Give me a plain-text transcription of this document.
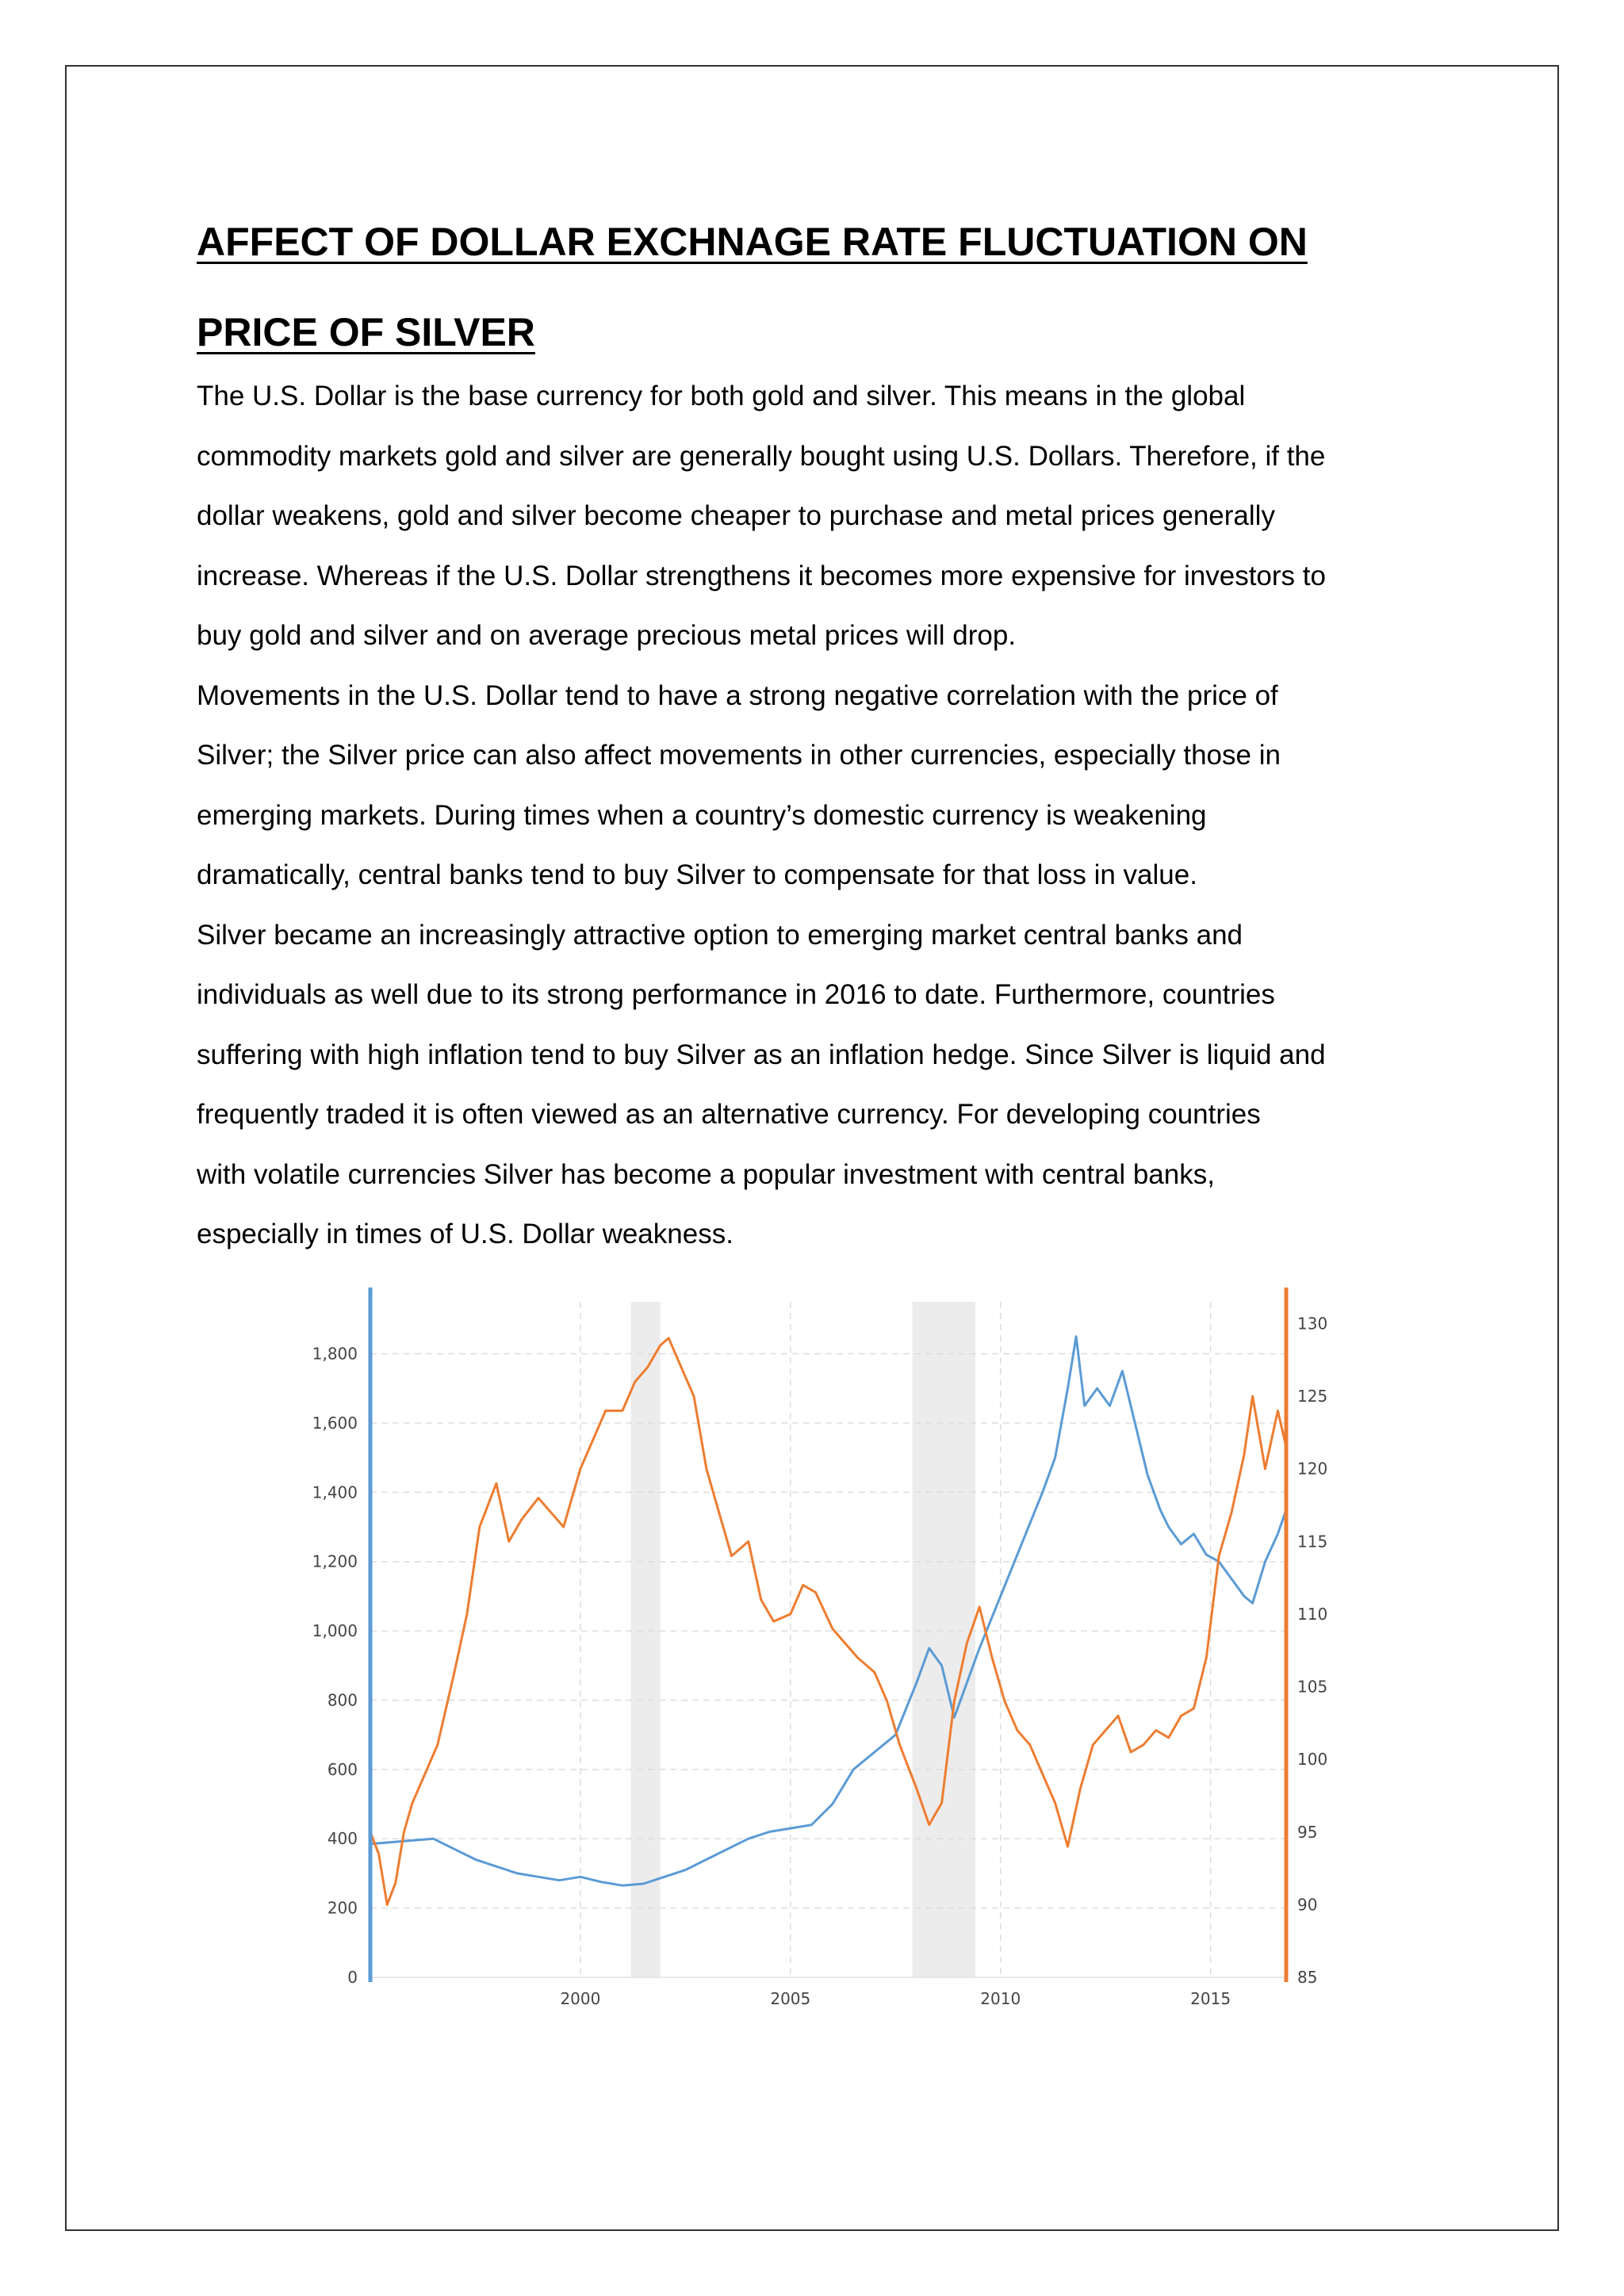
AFFECT OF DOLLAR EXCHNAGE RATE FLUCTUATION ON
PRICE OF SILVER
The U.S. Dollar is the base currency for both gold and silver. This means in the global
commodity markets gold and silver are generally bought using U.S. Dollars. Therefore, if the
dollar weakens, gold and silver become cheaper to purchase and metal prices generally
increase. Whereas if the U.S. Dollar strengthens it becomes more expensive for investors to
buy gold and silver and on average precious metal prices will drop.
Movements in the U.S. Dollar tend to have a strong negative correlation with the price of
Silver; the Silver price can also affect movements in other currencies, especially those in
emerging markets. During times when a country’s domestic currency is weakening
dramatically, central banks tend to buy Silver to compensate for that loss in value.
Silver became an increasingly attractive option to emerging market central banks and
individuals as well due to its strong performance in 2016 to date. Furthermore, countries
suffering with high inflation tend to buy Silver as an inflation hedge. Since Silver is liquid and
frequently traded it is often viewed as an alternative currency. For developing countries
with volatile currencies Silver has become a popular investment with central banks,
especially in times of U.S. Dollar weakness.
0
200
400
600
800
1,000
1,200
1,400
1,600
1,800
85
90
95
100
105
110
115
120
125
130
2000	2005	2010	2015
